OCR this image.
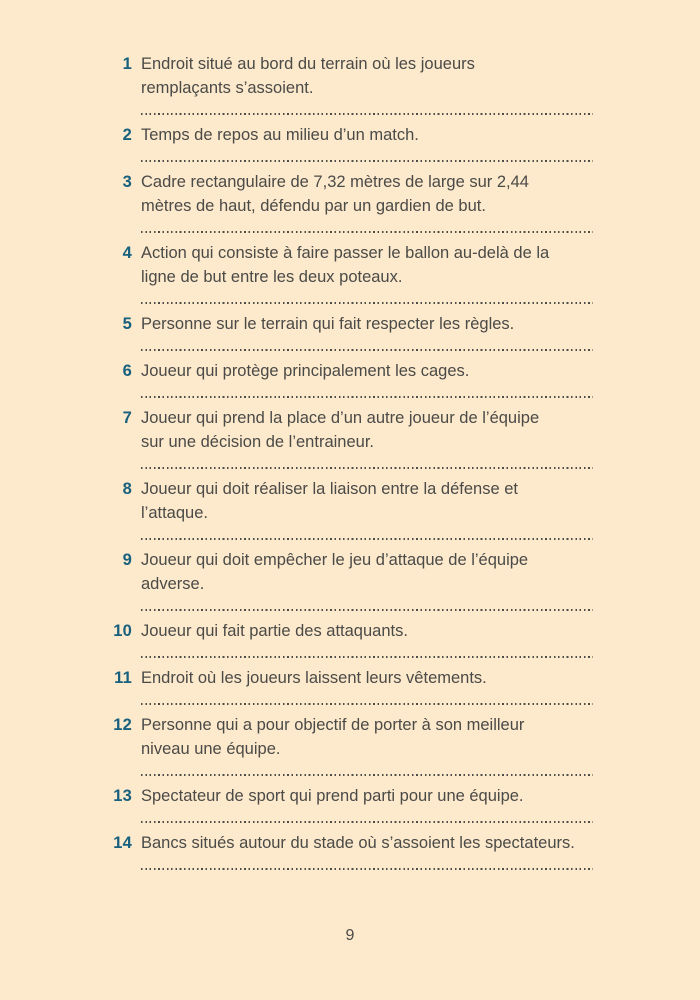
1 Endroit situé au bord du terrain où les joueurs
remplaçants s’assoient.
2 Temps de repos au milieu d’un match.
3 Cadre rectangulaire de 7,32 mètres de large sur 2,44
mètres de haut, défendu par un gardien de but.
4 Action qui consiste à faire passer le ballon au-delà de la
ligne de but entre les deux poteaux.
5 Personne sur le terrain qui fait respecter les règles.
6 Joueur qui protège principalement les cages.
7 Joueur qui prend la place d’un autre joueur de l’équipe
sur une décision de l’entraineur.
8 Joueur qui doit réaliser la liaison entre la défense et
l’attaque.
9 Joueur qui doit empêcher le jeu d’attaque de l’équipe
adverse.
10 Joueur qui fait partie des attaquants.
11 Endroit où les joueurs laissent leurs vêtements.
12 Personne qui a pour objectif de porter à son meilleur
niveau une équipe.
13 Spectateur de sport qui prend parti pour une équipe.
14 Bancs situés autour du stade où s’assoient les spectateurs.
9
